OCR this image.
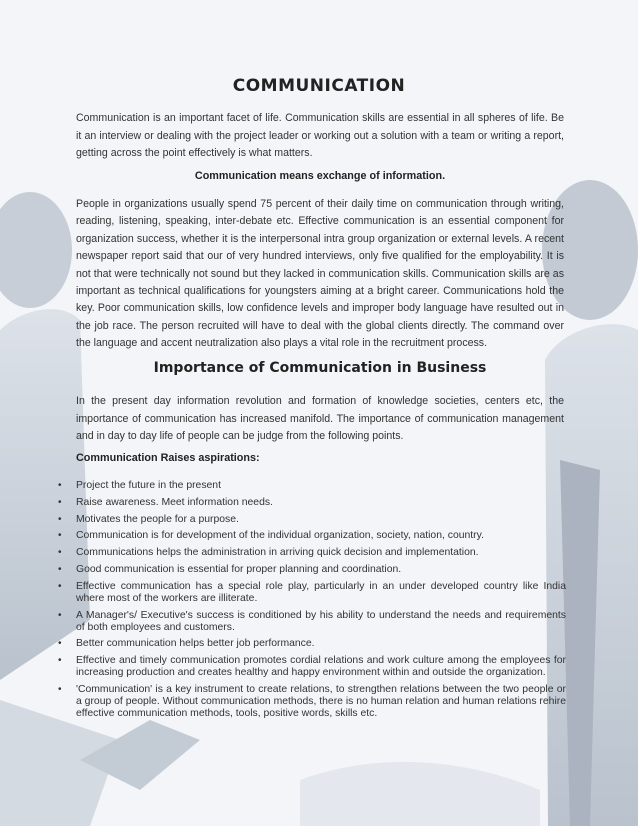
COMMUNICATION
Communication is an important facet of life. Communication skills are essential in all spheres of life. Be it an interview or dealing with the project leader or working out a solution with a team or writing a report, getting across the point effectively is what matters.
Communication means exchange of information.
People in organizations usually spend 75 percent of their daily time on communication through writing, reading, listening, speaking, inter-debate etc. Effective communication is an essential component for organization success, whether it is the interpersonal intra group organization or external levels. A recent newspaper report said that our of very hundred interviews, only five qualified for the employability. It is not that were technically not sound but they lacked in communication skills. Communication skills are as important as technical qualifications for youngsters aiming at a bright career. Communications hold the key. Poor communication skills, low confidence levels and improper body language have resulted out in the job race. The person recruited will have to deal with the global clients directly. The command over the language and accent neutralization also plays a vital role in the recruitment process.
Importance of Communication in Business
In the present day information revolution and formation of knowledge societies, centers etc, the importance of communication has increased manifold. The importance of communication management and in day to day life of people can be judge from the following points.
Communication Raises aspirations:
• Project the future in the present
• Raise awareness. Meet information needs.
• Motivates the people for a purpose.
• Communication is for development of the individual organization, society, nation, country.
• Communications helps the administration in arriving quick decision and implementation.
• Good communication is essential for proper planning and coordination.
• Effective communication has a special role play, particularly in an under developed country like India where most of the workers are illiterate.
• A Manager's/ Executive's success is conditioned by his ability to understand the needs and requirements of both employees and customers.
• Better communication helps better job performance.
• Effective and timely communication promotes cordial relations and work culture among the employees for increasing production and creates healthy and happy environment within and outside the organization.
• 'Communication' is a key instrument to create relations, to strengthen relations between the two people or a group of people. Without communication methods, there is no human relation and human relations rehire effective communication methods, tools, positive words, skills etc.
